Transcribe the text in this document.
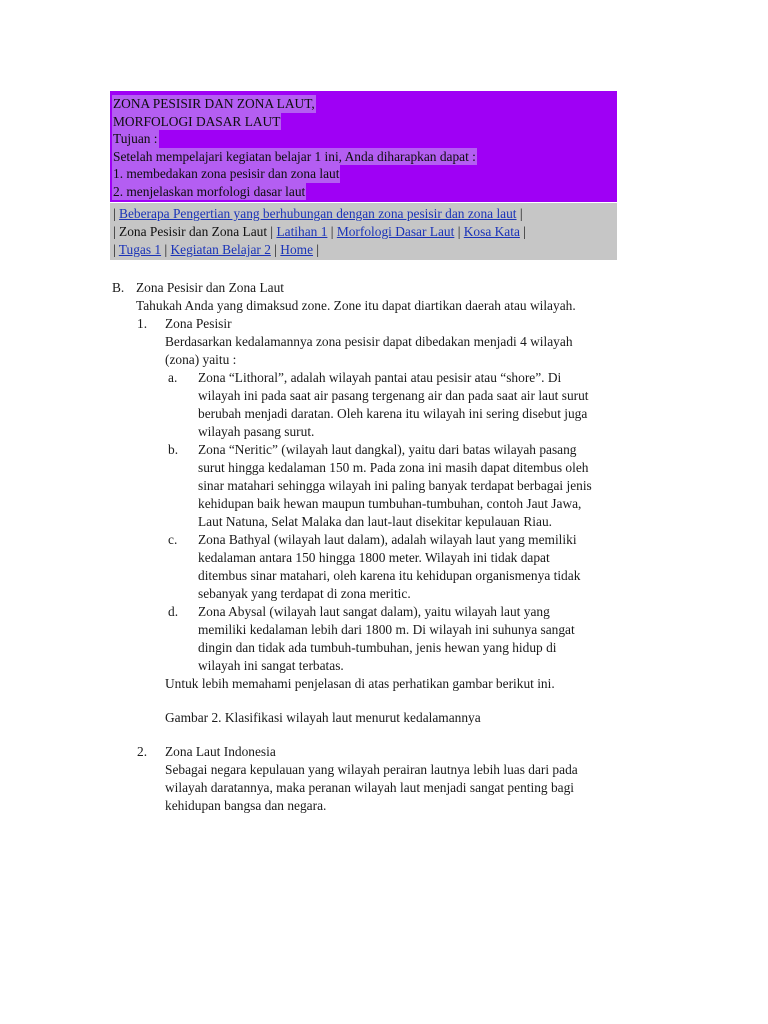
ZONA PESISIR DAN ZONA LAUT,
MORFOLOGI DASAR LAUT
Tujuan :
Setelah mempelajari kegiatan belajar 1 ini, Anda diharapkan dapat :
1. membedakan zona pesisir dan zona laut
2. menjelaskan morfologi dasar laut
| Beberapa Pengertian yang berhubungan dengan zona pesisir dan zona laut |
| Zona Pesisir dan Zona Laut | Latihan 1 | Morfologi Dasar Laut | Kosa Kata |
| Tugas 1 | Kegiatan Belajar 2 | Home |
B. Zona Pesisir dan Zona Laut

Tahukah Anda yang dimaksud zone. Zone itu dapat diartikan daerah atau wilayah.

1. Zona Pesisir
Berdasarkan kedalamannya zona pesisir dapat dibedakan menjadi 4 wilayah
(zona) yaitu :
a. Zona “Lithoral”, adalah wilayah pantai atau pesisir atau “shore”. Di
wilayah ini pada saat air pasang tergenang air dan pada saat air laut surut
berubah menjadi daratan. Oleh karena itu wilayah ini sering disebut juga
wilayah pasang surut.
b. Zona “Neritic” (wilayah laut dangkal), yaitu dari batas wilayah pasang
surut hingga kedalaman 150 m. Pada zona ini masih dapat ditembus oleh
sinar matahari sehingga wilayah ini paling banyak terdapat berbagai jenis
kehidupan baik hewan maupun tumbuhan-tumbuhan, contoh Jaut Jawa,
Laut Natuna, Selat Malaka dan laut-laut disekitar kepulauan Riau.
c. Zona Bathyal (wilayah laut dalam), adalah wilayah laut yang memiliki
kedalaman antara 150 hingga 1800 meter. Wilayah ini tidak dapat
ditembus sinar matahari, oleh karena itu kehidupan organismenya tidak
sebanyak yang terdapat di zona meritic.
d. Zona Abysal (wilayah laut sangat dalam), yaitu wilayah laut yang
memiliki kedalaman lebih dari 1800 m. Di wilayah ini suhunya sangat
dingin dan tidak ada tumbuh-tumbuhan, jenis hewan yang hidup di
wilayah ini sangat terbatas.

Untuk lebih memahami penjelasan di atas perhatikan gambar berikut ini.

Gambar 2. Klasifikasi wilayah laut menurut kedalamannya

2. Zona Laut Indonesia
Sebagai negara kepulauan yang wilayah perairan lautnya lebih luas dari pada
wilayah daratannya, maka peranan wilayah laut menjadi sangat penting bagi
kehidupan bangsa dan negara.
